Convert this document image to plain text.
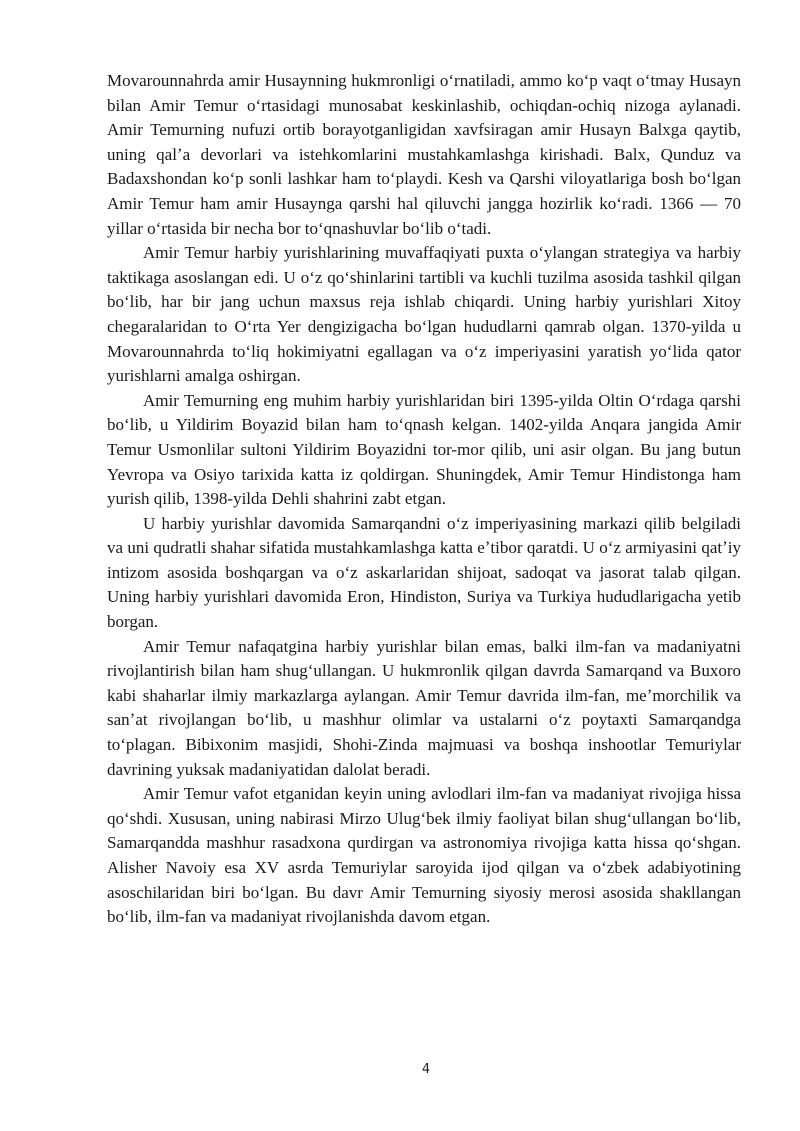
Movarounnahrda amir Husaynning hukmronligi oʻrnatiladi, ammo koʻp vaqt oʻtmay Husayn bilan Amir Temur oʻrtasidagi munosabat keskinlashib, ochiqdan-ochiq nizoga aylanadi. Amir Temurning nufuzi ortib borayotganligidan xavfsiragan amir Husayn Balxga qaytib, uning qalʼa devorlari va istehkomlarini mustahkamlashga kirishadi. Balx, Qunduz va Badaxshondan koʻp sonli lashkar ham toʻplaydi. Kesh va Qarshi viloyatlariga bosh boʻlgan Amir Temur ham amir Husaynga qarshi hal qiluvchi jangga hozirlik koʻradi. 1366 — 70 yillar oʻrtasida bir necha bor toʻqnashuvlar boʻlib oʻtadi.

Amir Temur harbiy yurishlarining muvaffaqiyati puxta oʻylangan strategiya va harbiy taktikaga asoslangan edi. U oʻz qoʻshinlarini tartibli va kuchli tuzilma asosida tashkil qilgan boʻlib, har bir jang uchun maxsus reja ishlab chiqardi. Uning harbiy yurishlari Xitoy chegaralaridan to Oʻrta Yer dengizigacha boʻlgan hududlarni qamrab olgan. 1370-yilda u Movarounnahrda toʻliq hokimiyatni egallagan va oʻz imperiyasini yaratish yoʻlida qator yurishlarni amalga oshirgan.

Amir Temurning eng muhim harbiy yurishlaridan biri 1395-yilda Oltin Oʻrdaga qarshi boʻlib, u Yildirim Boyazid bilan ham toʻqnash kelgan. 1402-yilda Anqara jangida Amir Temur Usmonlilar sultoni Yildirim Boyazidni tor-mor qilib, uni asir olgan. Bu jang butun Yevropa va Osiyo tarixida katta iz qoldirgan. Shuningdek, Amir Temur Hindistonga ham yurish qilib, 1398-yilda Dehli shahrini zabt etgan.

U harbiy yurishlar davomida Samarqandni oʻz imperiyasining markazi qilib belgiladi va uni qudratli shahar sifatida mustahkamlashga katta eʼtibor qaratdi. U oʻz armiyasini qatʼiy intizom asosida boshqargan va oʻz askarlaridan shijoat, sadoqat va jasorat talab qilgan. Uning harbiy yurishlari davomida Eron, Hindiston, Suriya va Turkiya hududlarigacha yetib borgan.

Amir Temur nafaqatgina harbiy yurishlar bilan emas, balki ilm-fan va madaniyatni rivojlantirish bilan ham shugʻullangan. U hukmronlik qilgan davrda Samarqand va Buxoro kabi shaharlar ilmiy markazlarga aylangan. Amir Temur davrida ilm-fan, meʼmorchilik va sanʼat rivojlangan boʻlib, u mashhur olimlar va ustalarni oʻz poytaxti Samarqandga toʻplagan. Bibixonim masjidi, Shohi-Zinda majmuasi va boshqa inshootlar Temuriylar davrining yuksak madaniyatidan dalolat beradi.

Amir Temur vafot etganidan keyin uning avlodlari ilm-fan va madaniyat rivojiga hissa qoʻshdi. Xususan, uning nabirasi Mirzo Ulugʻbek ilmiy faoliyat bilan shugʻullangan boʻlib, Samarqandda mashhur rasadxona qurdirgan va astronomiya rivojiga katta hissa qoʻshgan. Alisher Navoiy esa XV asrda Temuriylar saroyida ijod qilgan va oʻzbek adabiyotining asoschilaridan biri boʻlgan. Bu davr Amir Temurning siyosiy merosi asosida shakllangan boʻlib, ilm-fan va madaniyat rivojlanishda davom etgan.

4
